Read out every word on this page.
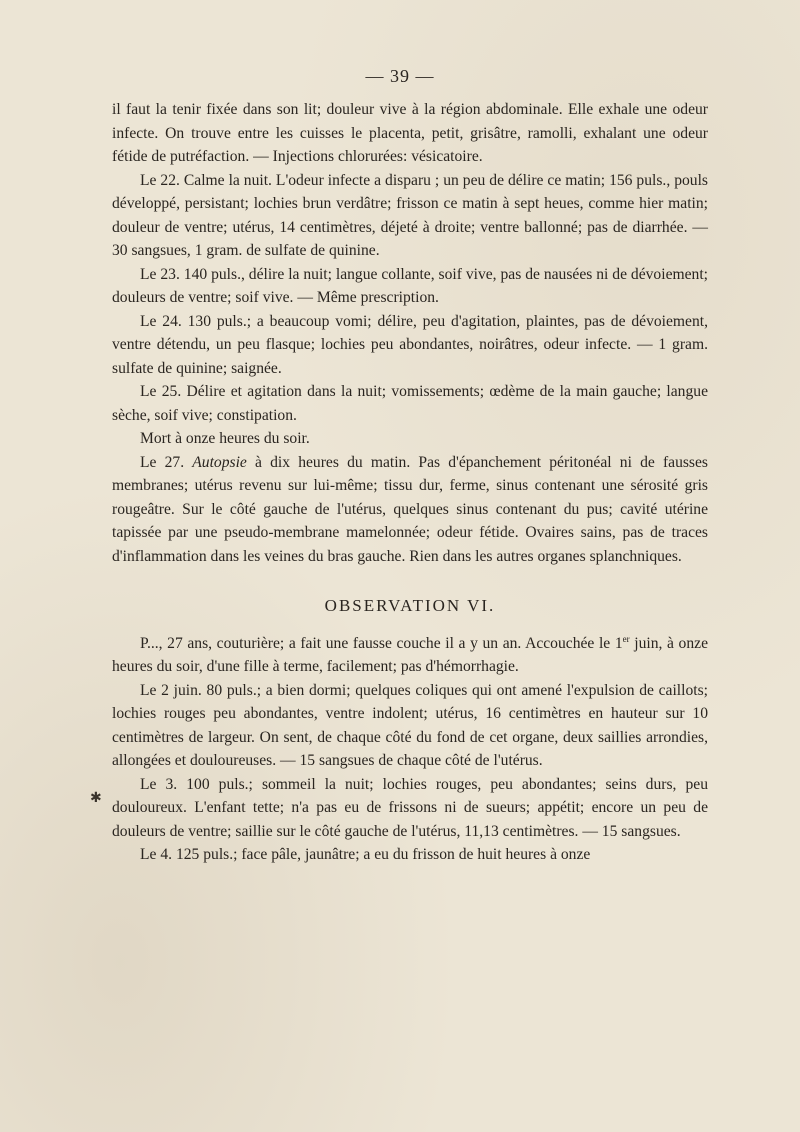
— 39 —

il faut la tenir fixée dans son lit; douleur vive à la région abdominale. Elle exhale une odeur infecte. On trouve entre les cuisses le placenta, petit, grisâtre, ramolli, exhalant une odeur fétide de putréfaction. — Injections chlorurées: vésicatoire.

Le 22. Calme la nuit. L'odeur infecte a disparu ; un peu de délire ce matin; 156 puls., pouls développé, persistant; lochies brun verdâtre; frisson ce matin à sept heues, comme hier matin; douleur de ventre; utérus, 14 centimètres, déjeté à droite; ventre ballonné; pas de diarrhée. — 30 sangsues, 1 gram. de sulfate de quinine.

Le 23. 140 puls., délire la nuit; langue collante, soif vive, pas de nausées ni de dévoiement; douleurs de ventre; soif vive. — Même prescription.

Le 24. 130 puls.; a beaucoup vomi; délire, peu d'agitation, plaintes, pas de dévoiement, ventre détendu, un peu flasque; lochies peu abondantes, noirâtres, odeur infecte. — 1 gram. sulfate de quinine; saignée.

Le 25. Délire et agitation dans la nuit; vomissements; œdème de la main gauche; langue sèche, soif vive; constipation.

Mort à onze heures du soir.

Le 27. Autopsie à dix heures du matin. Pas d'épanchement péritonéal ni de fausses membranes; utérus revenu sur lui-même; tissu dur, ferme, sinus contenant une sérosité gris rougeâtre. Sur le côté gauche de l'utérus, quelques sinus contenant du pus; cavité utérine tapissée par une pseudo-membrane mamelonnée; odeur fétide. Ovaires sains, pas de traces d'inflammation dans les veines du bras gauche. Rien dans les autres organes splanchniques.

OBSERVATION VI.

P..., 27 ans, couturière; a fait une fausse couche il a y un an. Accouchée le 1er juin, à onze heures du soir, d'une fille à terme, facilement; pas d'hémorrhagie.

Le 2 juin. 80 puls.; a bien dormi; quelques coliques qui ont amené l'expulsion de caillots; lochies rouges peu abondantes, ventre indolent; utérus, 16 centimètres en hauteur sur 10 centimètres de largeur. On sent, de chaque côté du fond de cet organe, deux saillies arrondies, allongées et douloureuses. — 15 sangsues de chaque côté de l'utérus.

Le 3. 100 puls.; sommeil la nuit; lochies rouges, peu abondantes; seins durs, peu douloureux. L'enfant tette; n'a pas eu de frissons ni de sueurs; appétit; encore un peu de douleurs de ventre; saillie sur le côté gauche de l'utérus, 11,13 centimètres. — 15 sangsues.

Le 4. 125 puls.; face pâle, jaunâtre; a eu du frisson de huit heures à onze

✱
